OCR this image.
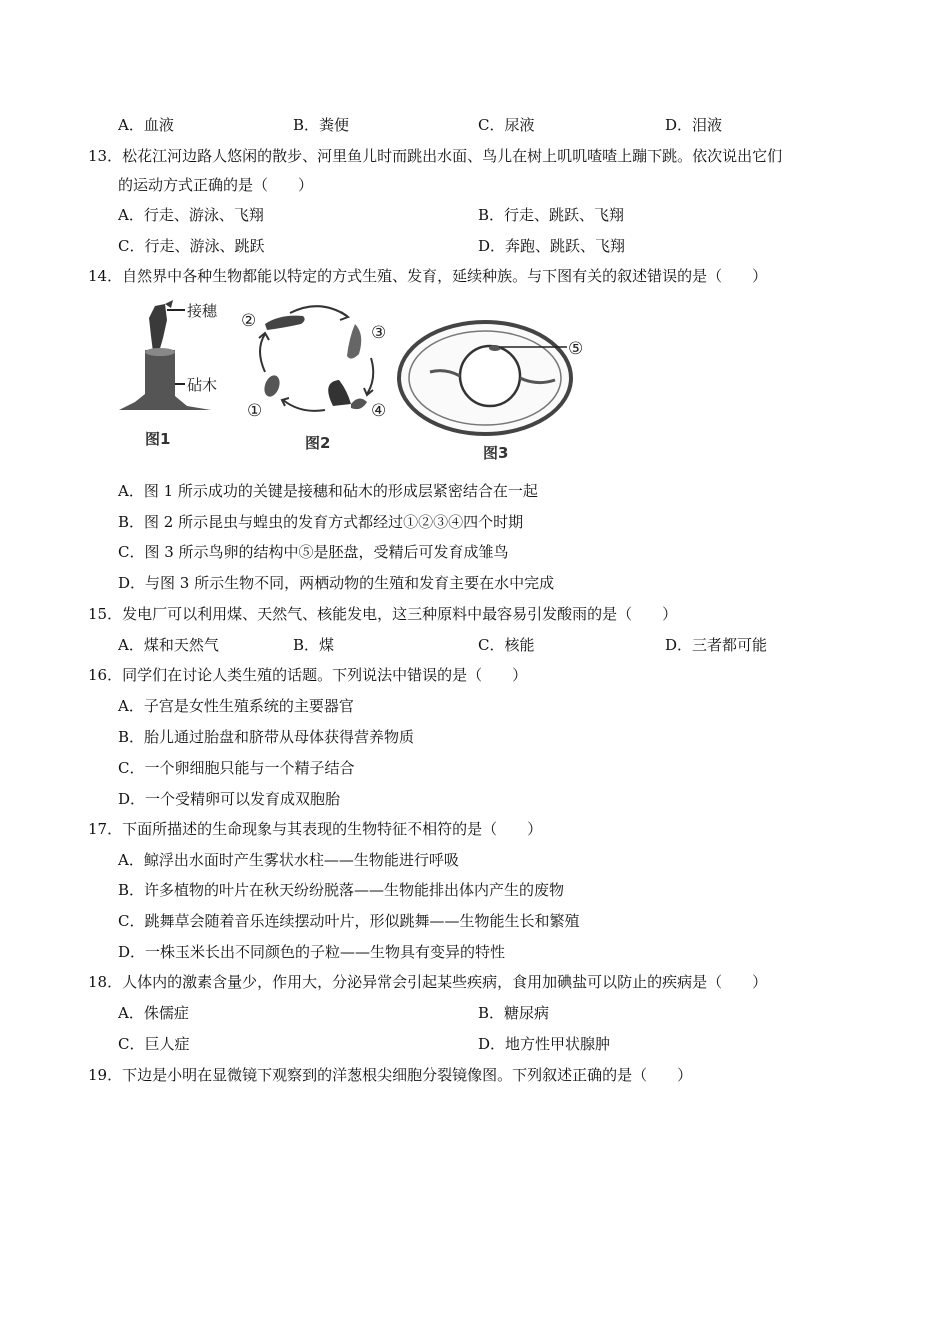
A．血液	B．粪便	C．尿液	D．泪液
13．松花江河边路人悠闲的散步、河里鱼儿时而跳出水面、鸟儿在树上叽叽喳喳上蹦下跳。依次说出它们
的运动方式正确的是（　　）
A．行走、游泳、飞翔	B．行走、跳跃、飞翔
C．行走、游泳、跳跃	D．奔跑、跳跃、飞翔
14．自然界中各种生物都能以特定的方式生殖、发育，延续种族。与下图有关的叙述错误的是（　　）
接穗
砧木
图1
②
③
①	④
图2
⑤
图3
A．图 1 所示成功的关键是接穗和砧木的形成层紧密结合在一起
B．图 2 所示昆虫与蝗虫的发育方式都经过①②③④四个时期
C．图 3 所示鸟卵的结构中⑤是胚盘，受精后可发育成雏鸟
D．与图 3 所示生物不同，两栖动物的生殖和发育主要在水中完成
15．发电厂可以利用煤、天然气、核能发电，这三种原料中最容易引发酸雨的是（　　）
A．煤和天然气	B．煤	C．核能	D．三者都可能
16．同学们在讨论人类生殖的话题。下列说法中错误的是（　　）
A．子宫是女性生殖系统的主要器官
B．胎儿通过胎盘和脐带从母体获得营养物质
C．一个卵细胞只能与一个精子结合
D．一个受精卵可以发育成双胞胎
17．下面所描述的生命现象与其表现的生物特征不相符的是（　　）
A．鲸浮出水面时产生雾状水柱——生物能进行呼吸
B．许多植物的叶片在秋天纷纷脱落——生物能排出体内产生的废物
C．跳舞草会随着音乐连续摆动叶片，形似跳舞——生物能生长和繁殖
D．一株玉米长出不同颜色的子粒——生物具有变异的特性
18．人体内的激素含量少，作用大，分泌异常会引起某些疾病，食用加碘盐可以防止的疾病是（　　）
A．侏儒症	B．糖尿病
C．巨人症	D．地方性甲状腺肿
19．下边是小明在显微镜下观察到的洋葱根尖细胞分裂镜像图。下列叙述正确的是（　　）
